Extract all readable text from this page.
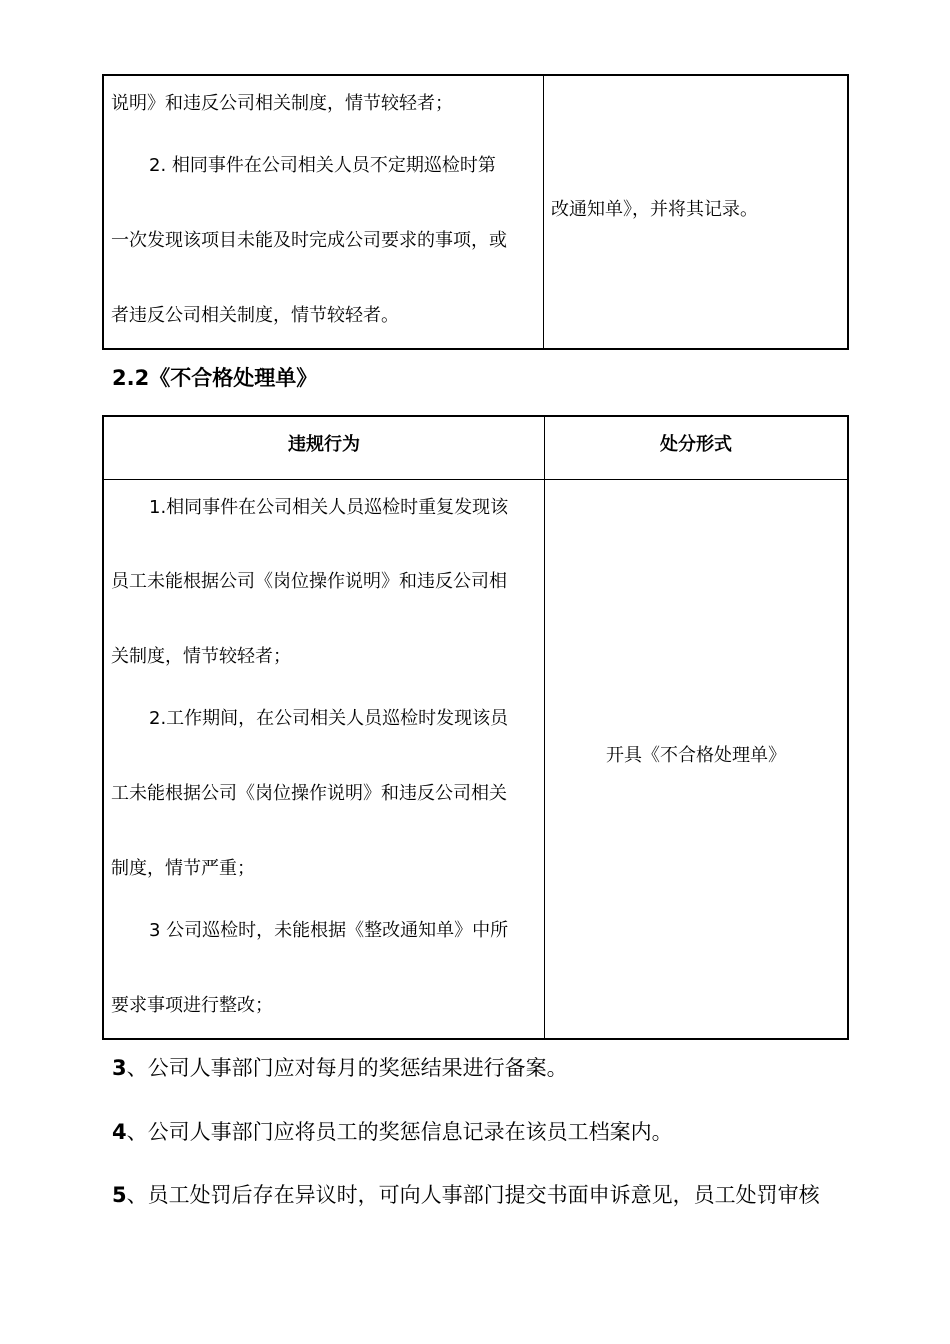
说明》和违反公司相关制度，情节较轻者；
2. 相同事件在公司相关人员不定期巡检时第
一次发现该项目未能及时完成公司要求的事项，或
者违反公司相关制度，情节较轻者。
改通知单》，并将其记录。
2.2《不合格处理单》
违规行为	处分形式
1.相同事件在公司相关人员巡检时重复发现该
员工未能根据公司《岗位操作说明》和违反公司相
关制度，情节较轻者；
2.工作期间，在公司相关人员巡检时发现该员
工未能根据公司《岗位操作说明》和违反公司相关
制度，情节严重；
3 公司巡检时，未能根据《整改通知单》中所
要求事项进行整改；
开具《不合格处理单》
3、公司人事部门应对每月的奖惩结果进行备案。
4、公司人事部门应将员工的奖惩信息记录在该员工档案内。
5、员工处罚后存在异议时，可向人事部门提交书面申诉意见，员工处罚审核
